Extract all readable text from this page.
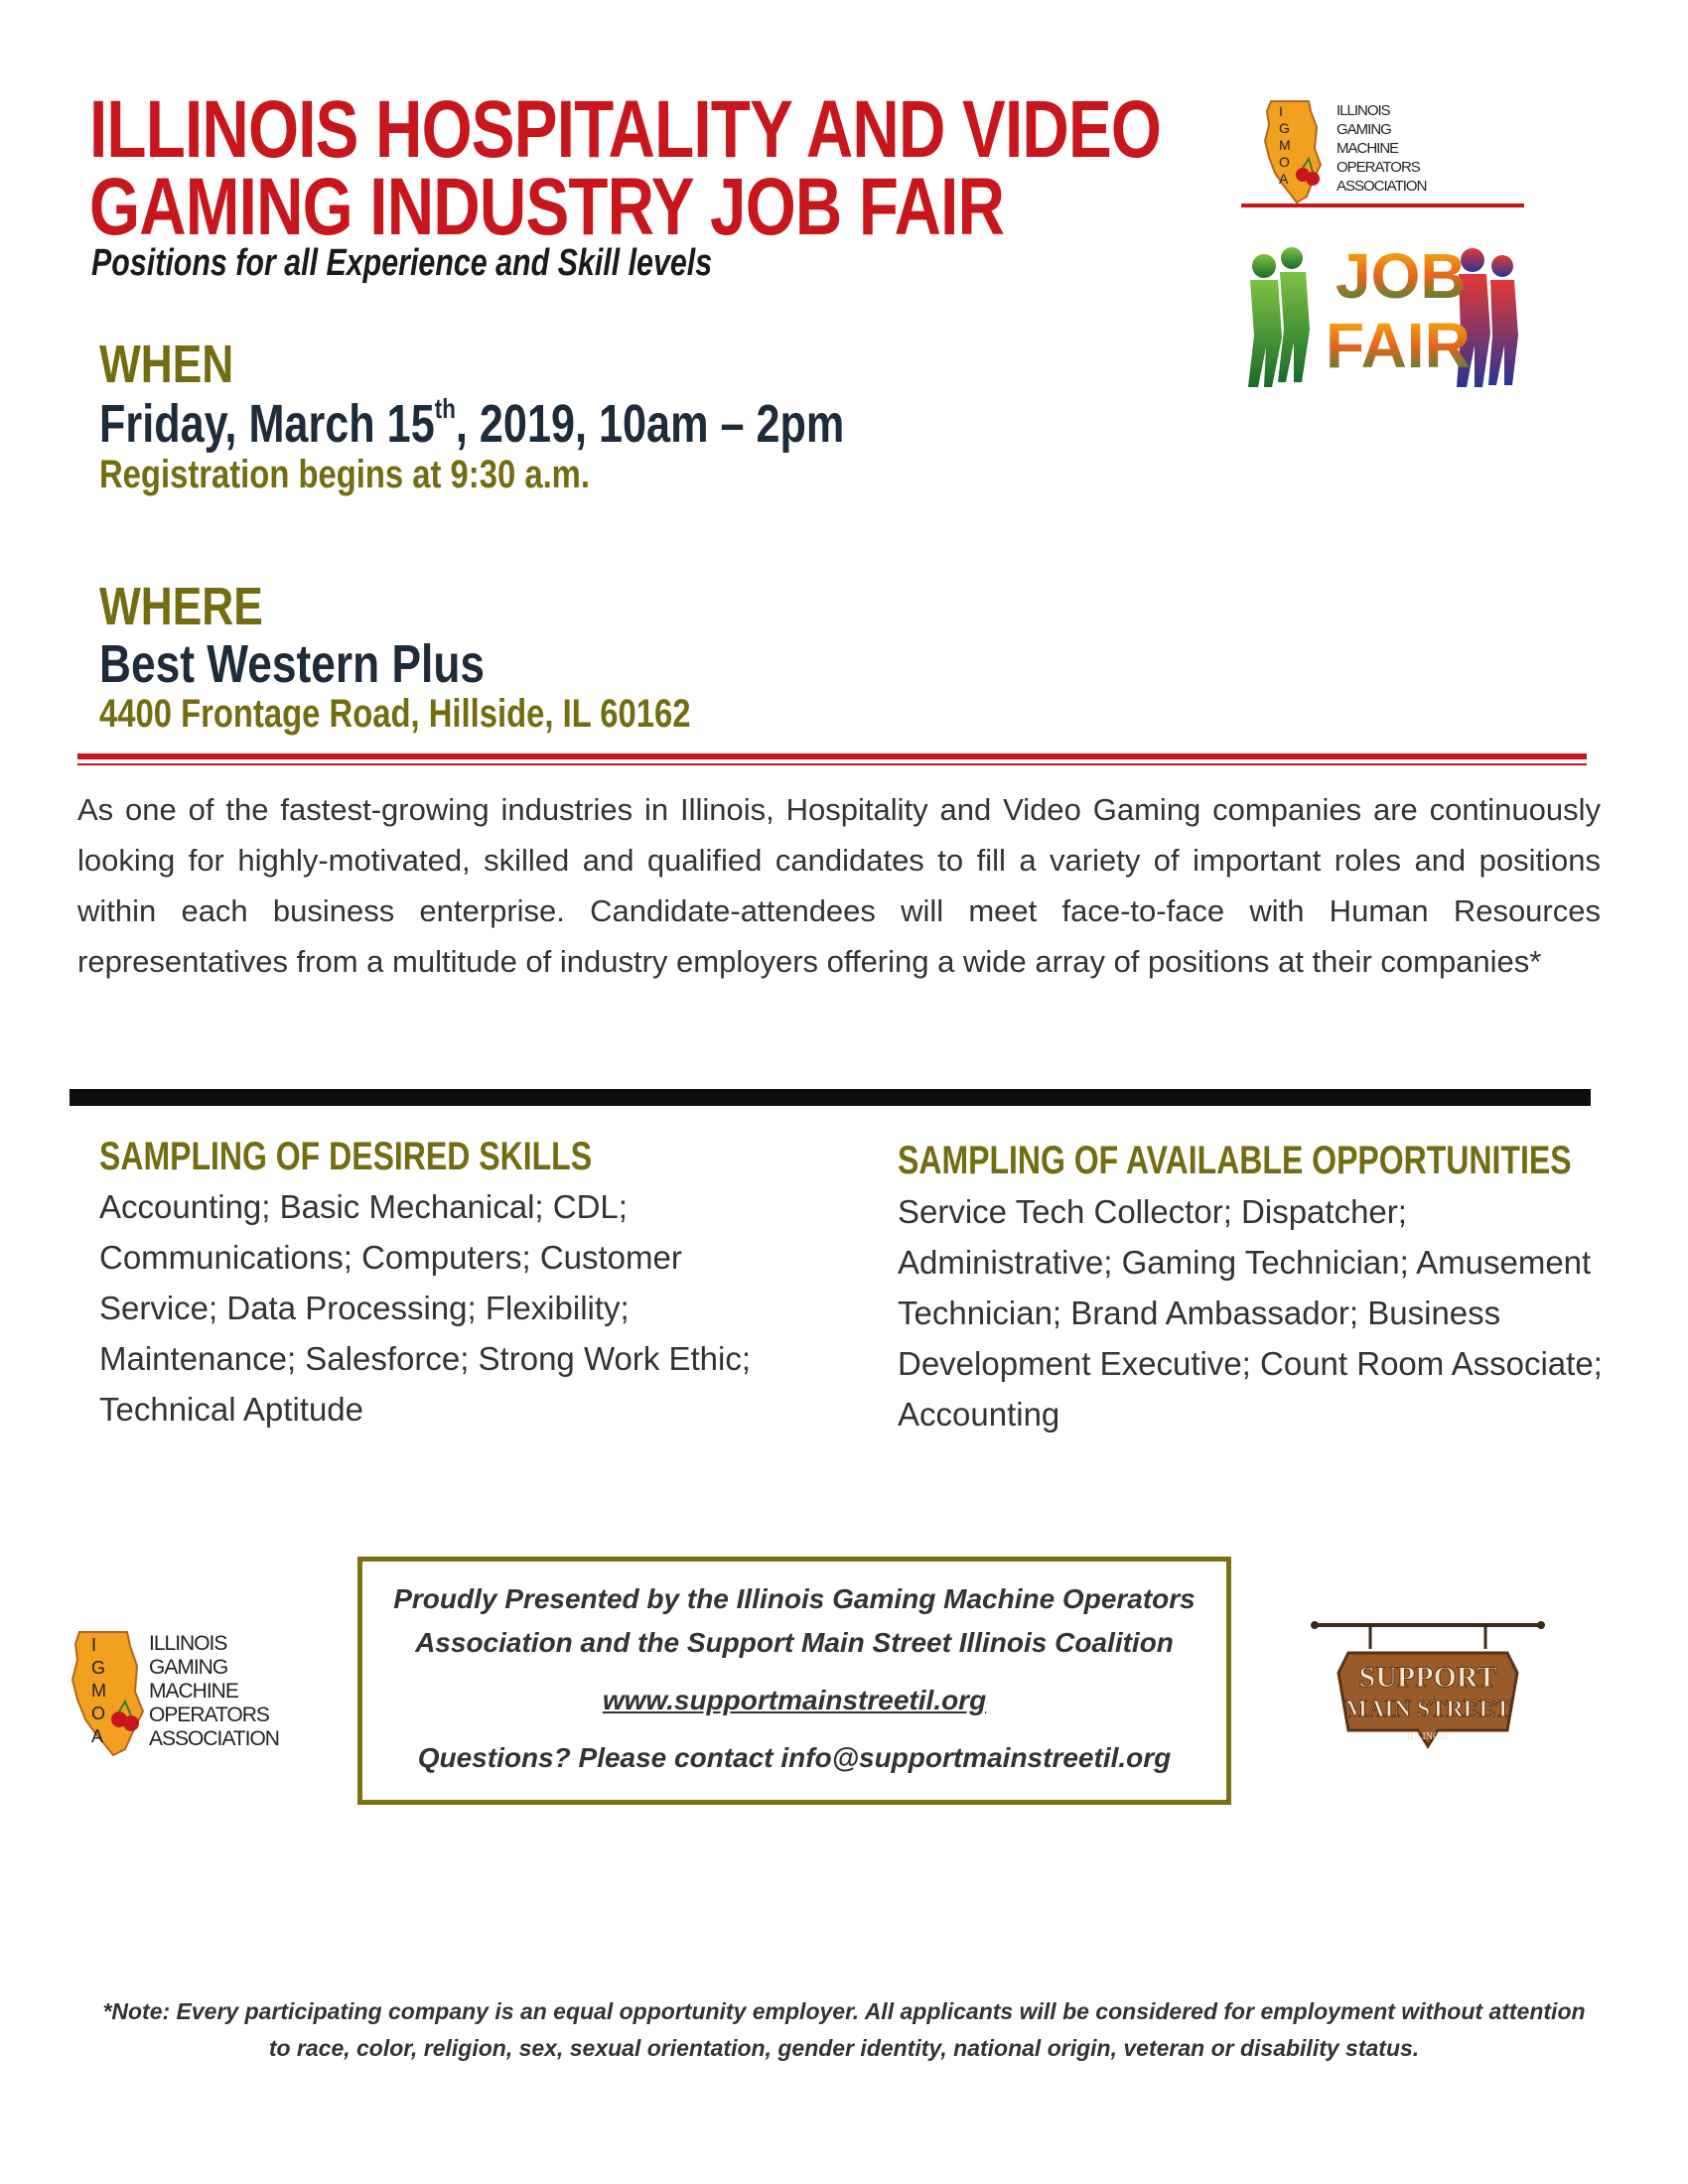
ILLINOIS HOSPITALITY AND VIDEO
GAMING INDUSTRY JOB FAIR
Positions for all Experience and Skill levels
WHEN
Friday, March 15th, 2019, 10am – 2pm
Registration begins at 9:30 a.m.
WHERE
Best Western Plus
4400 Frontage Road, Hillside, IL 60162
As one of the fastest-growing industries in Illinois, Hospitality and Video Gaming companies are continuously looking for highly-motivated, skilled and qualified candidates to fill a variety of important roles and positions within each business enterprise. Candidate-attendees will meet face-to-face with Human Resources representatives from a multitude of industry employers offering a wide array of positions at their companies*
SAMPLING OF DESIRED SKILLS
Accounting; Basic Mechanical; CDL; Communications; Computers; Customer Service; Data Processing; Flexibility; Maintenance; Salesforce; Strong Work Ethic; Technical Aptitude
SAMPLING OF AVAILABLE OPPORTUNITIES
Service Tech Collector; Dispatcher; Administrative; Gaming Technician; Amusement Technician; Brand Ambassador; Business Development Executive; Count Room Associate; Accounting
I
G
M
O
A
ILLINOIS
GAMING
MACHINE
OPERATORS
ASSOCIATION
JOB
FAIR
Proudly Presented by the Illinois Gaming Machine Operators
Association and the Support Main Street Illinois Coalition
www.supportmainstreetil.org
Questions? Please contact info@supportmainstreetil.org
I
G
M
O
A
ILLINOIS
GAMING
MACHINE
OPERATORS
ASSOCIATION
SUPPORT
MAIN STREET
ILLINOIS
*Note: Every participating company is an equal opportunity employer. All applicants will be considered for employment without attention to race, color, religion, sex, sexual orientation, gender identity, national origin, veteran or disability status.
